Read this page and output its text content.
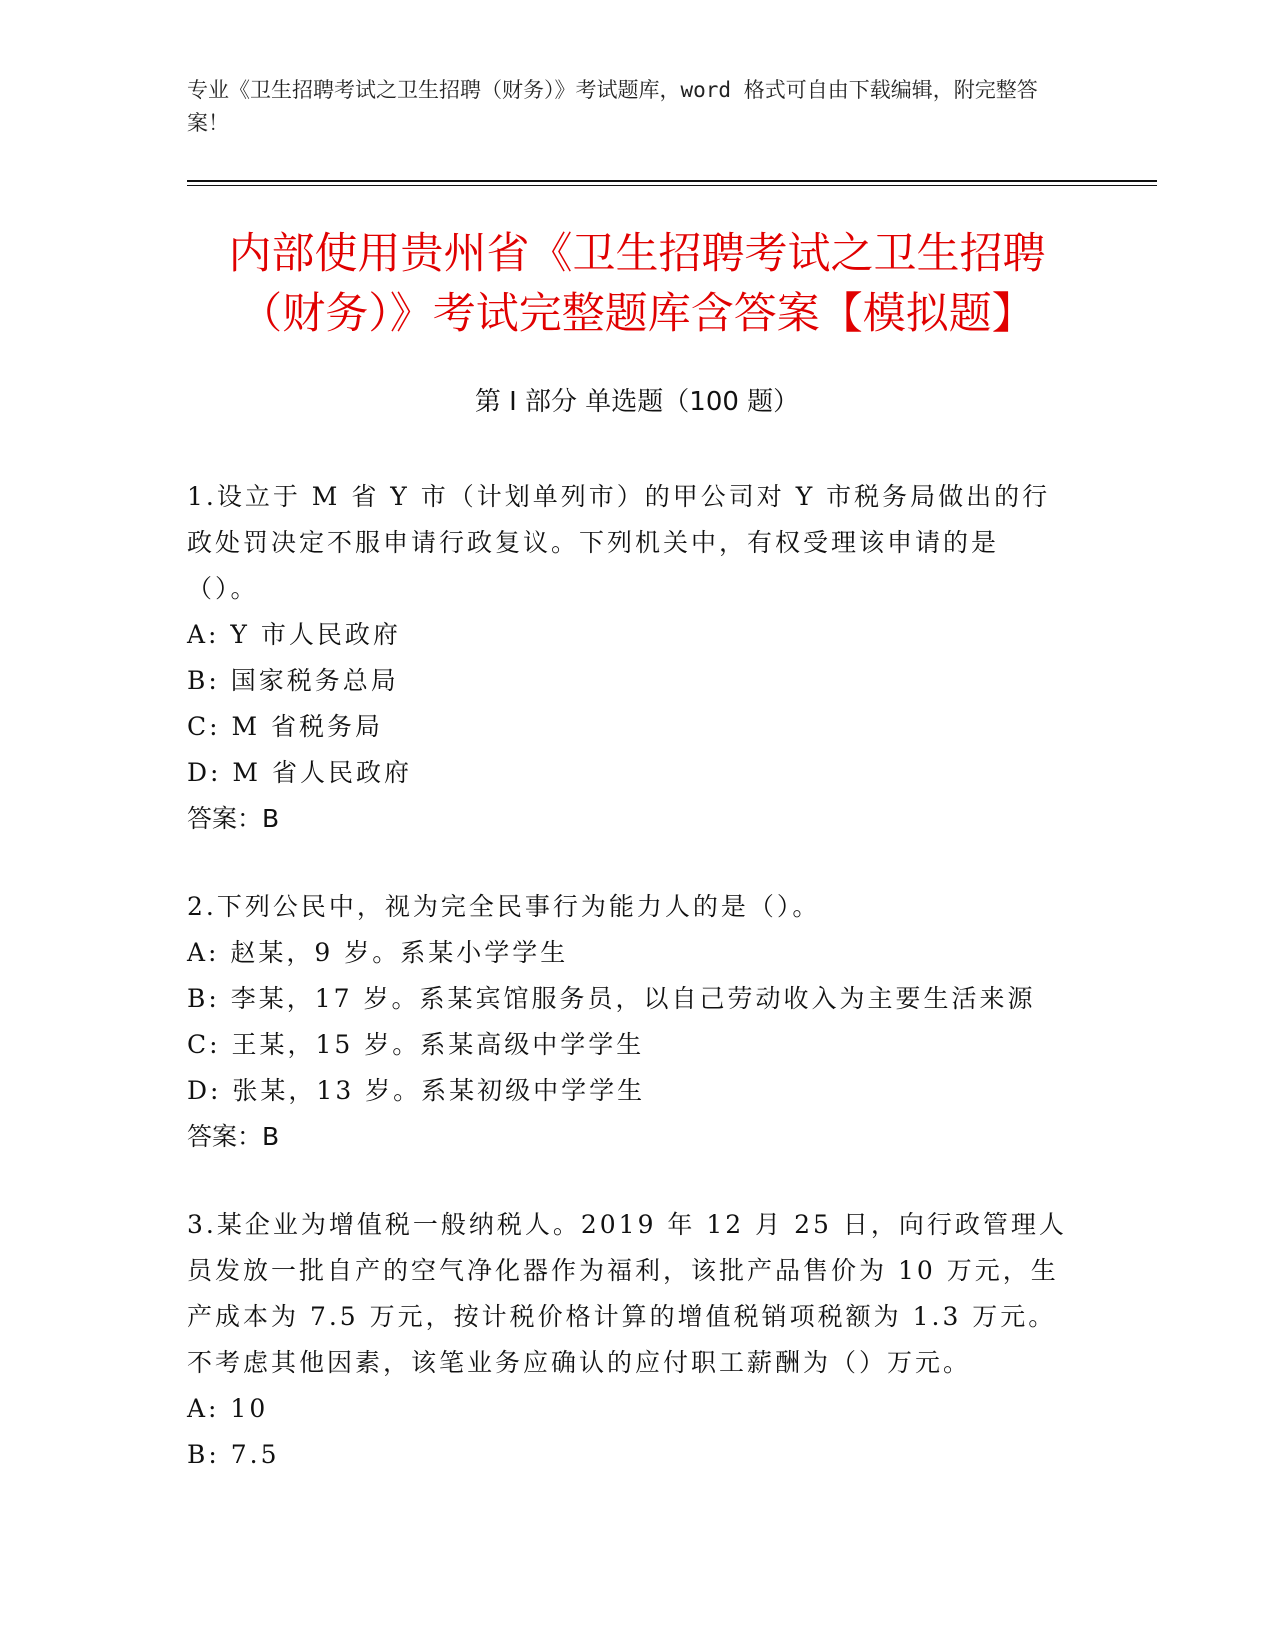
专业《卫生招聘考试之卫生招聘（财务）》考试题库，word 格式可自由下载编辑，附完整答案！
内部使用贵州省《卫生招聘考试之卫生招聘（财务）》考试完整题库含答案【模拟题】
第 I 部分 单选题（100 题）
1.设立于 M 省 Y 市（计划单列市）的甲公司对 Y 市税务局做出的行政处罚决定不服申请行政复议。下列机关中，有权受理该申请的是（）。
A: Y 市人民政府
B: 国家税务总局
C: M 省税务局
D: M 省人民政府
答案：B
2.下列公民中，视为完全民事行为能力人的是（）。
A: 赵某，9 岁。系某小学学生
B: 李某，17 岁。系某宾馆服务员，以自己劳动收入为主要生活来源
C: 王某，15 岁。系某高级中学学生
D: 张某，13 岁。系某初级中学学生
答案：B
3.某企业为增值税一般纳税人。2019 年 12 月 25 日，向行政管理人员发放一批自产的空气净化器作为福利，该批产品售价为 10 万元，生产成本为 7.5 万元，按计税价格计算的增值税销项税额为 1.3 万元。不考虑其他因素，该笔业务应确认的应付职工薪酬为（）万元。
A: 10
B: 7.5
